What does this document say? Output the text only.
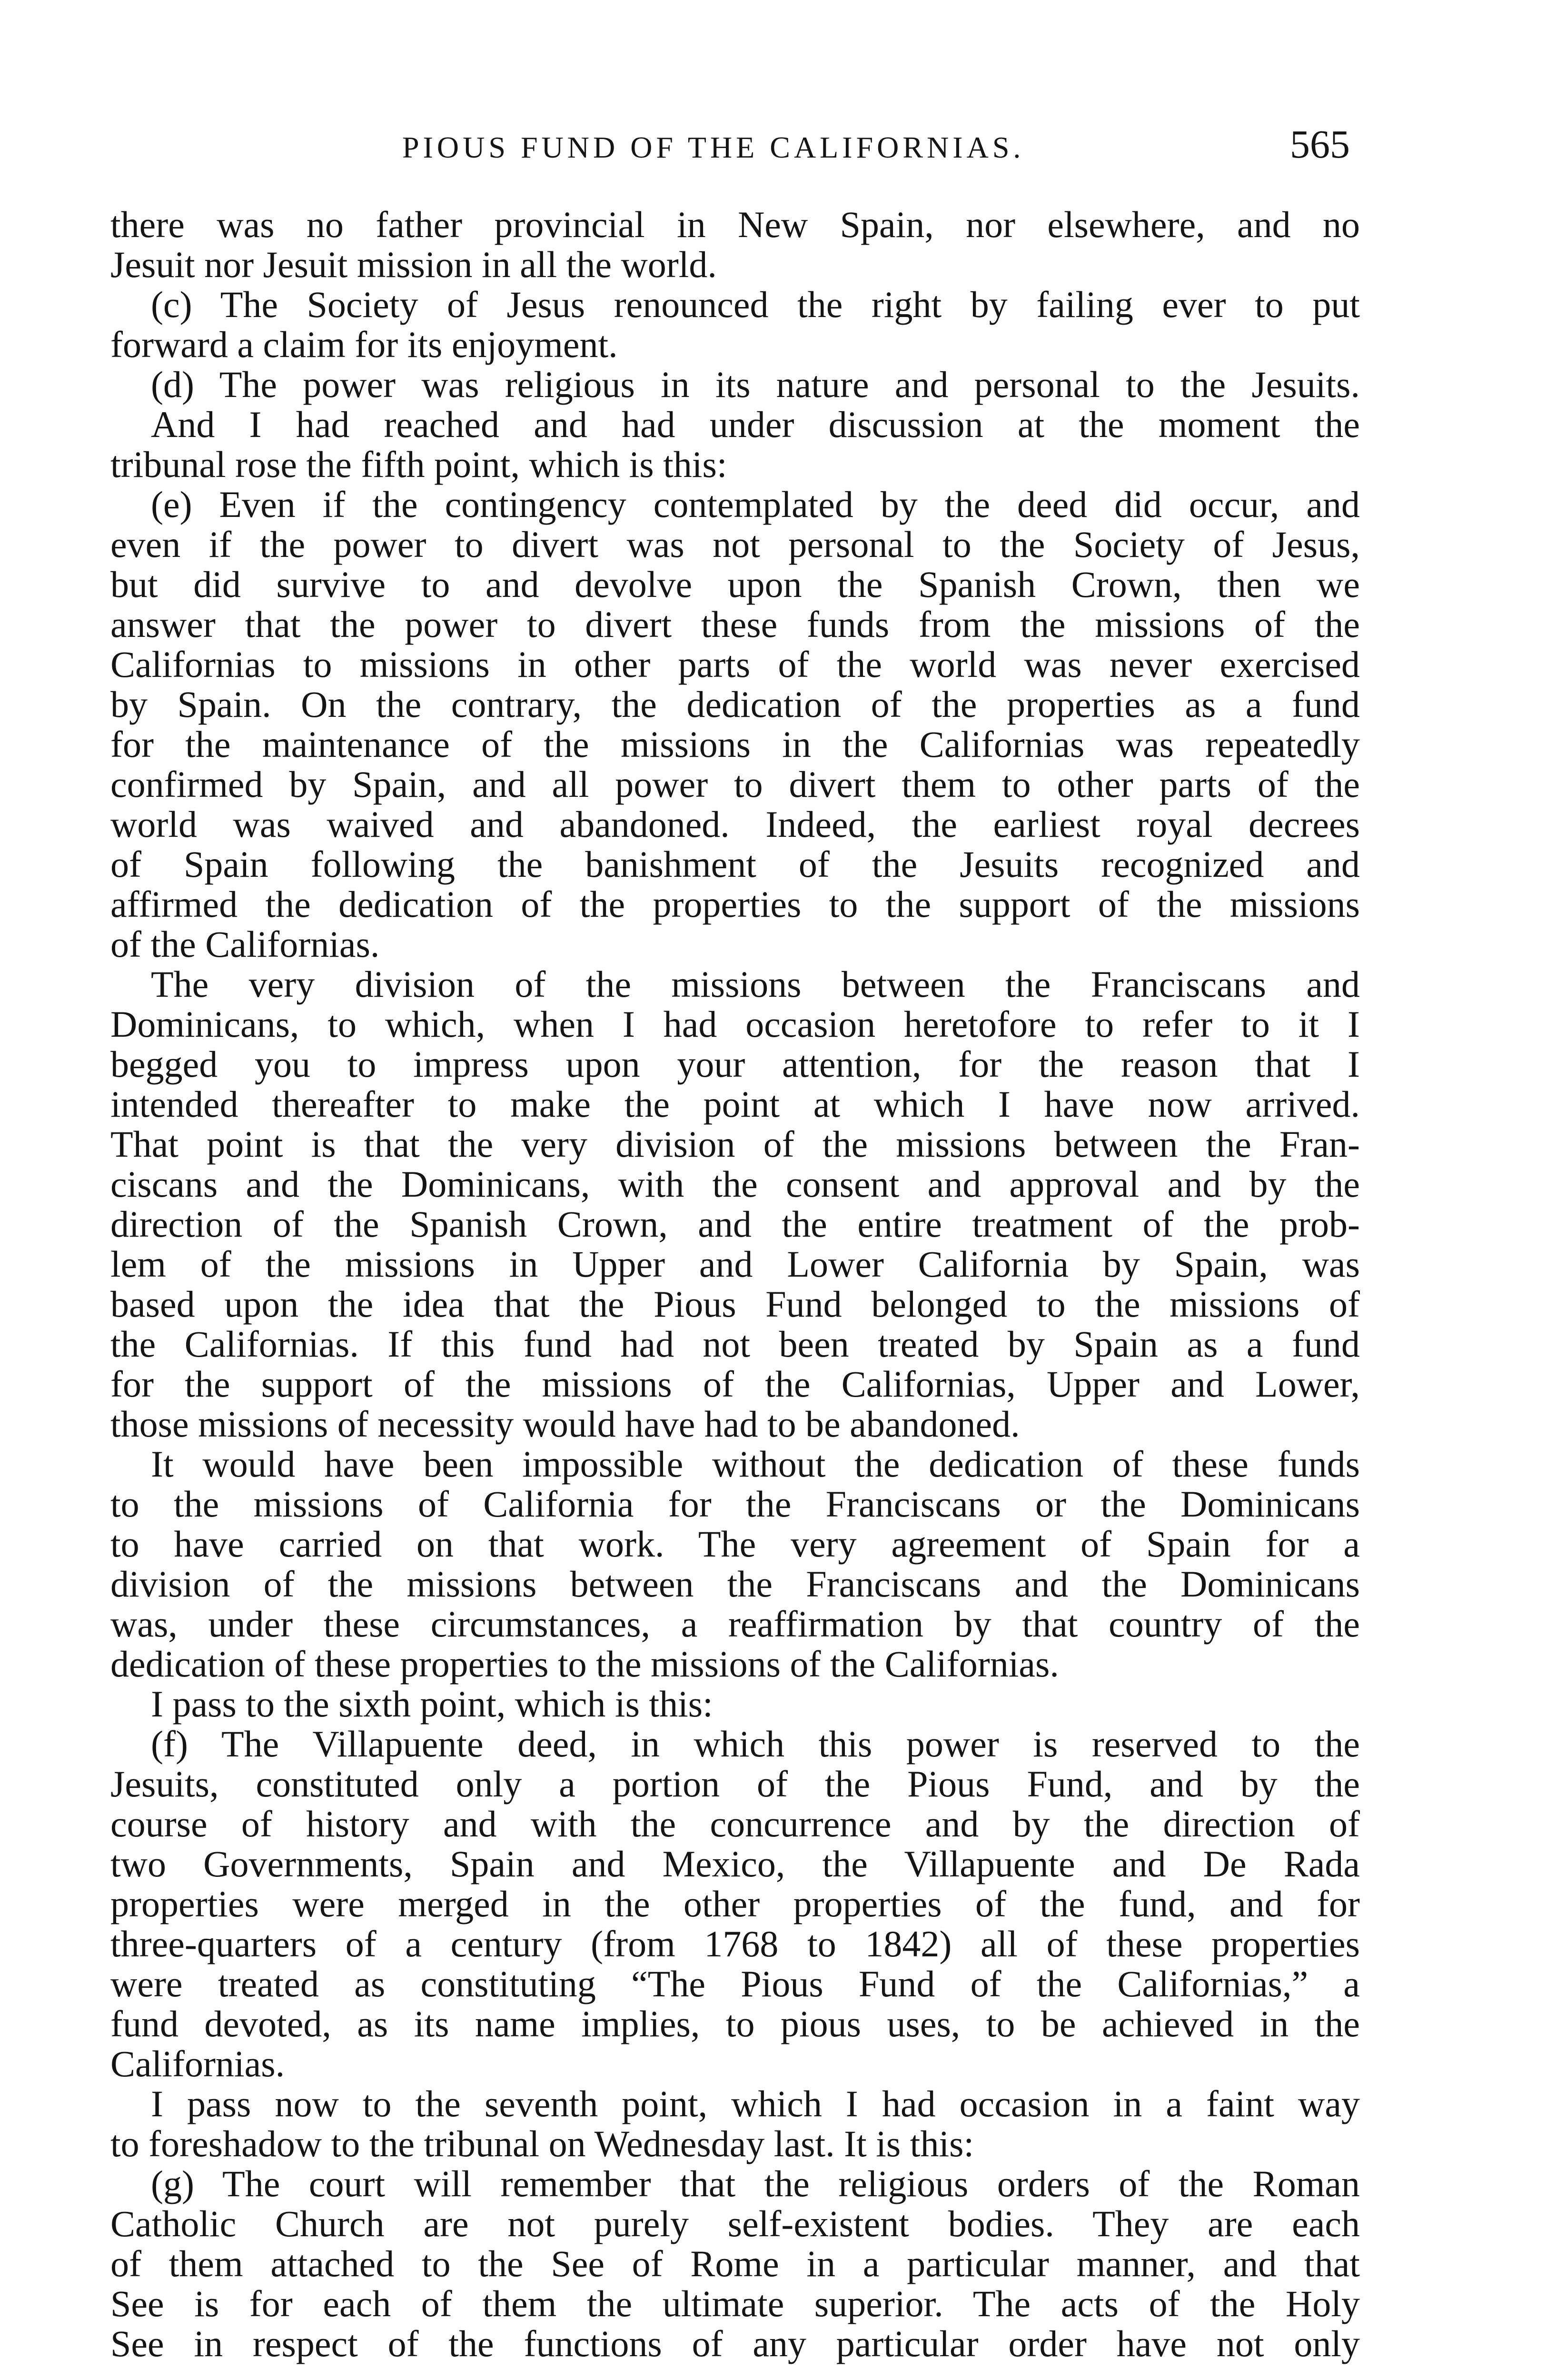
PIOUS FUND OF THE CALIFORNIAS.	565
there was no father provincial in New Spain, nor elsewhere, and no
Jesuit nor Jesuit mission in all the world.
(c) The Society of Jesus renounced the right by failing ever to put
forward a claim for its enjoyment.
(d) The power was religious in its nature and personal to the Jesuits.
And I had reached and had under discussion at the moment the
tribunal rose the fifth point, which is this:
(e) Even if the contingency contemplated by the deed did occur, and
even if the power to divert was not personal to the Society of Jesus,
but did survive to and devolve upon the Spanish Crown, then we
answer that the power to divert these funds from the missions of the
Californias to missions in other parts of the world was never exercised
by Spain. On the contrary, the dedication of the properties as a fund
for the maintenance of the missions in the Californias was repeatedly
confirmed by Spain, and all power to divert them to other parts of the
world was waived and abandoned. Indeed, the earliest royal decrees
of Spain following the banishment of the Jesuits recognized and
affirmed the dedication of the properties to the support of the missions
of the Californias.
The very division of the missions between the Franciscans and
Dominicans, to which, when I had occasion heretofore to refer to it I
begged you to impress upon your attention, for the reason that I
intended thereafter to make the point at which I have now arrived.
That point is that the very division of the missions between the Fran-
ciscans and the Dominicans, with the consent and approval and by the
direction of the Spanish Crown, and the entire treatment of the prob-
lem of the missions in Upper and Lower California by Spain, was
based upon the idea that the Pious Fund belonged to the missions of
the Californias. If this fund had not been treated by Spain as a fund
for the support of the missions of the Californias, Upper and Lower,
those missions of necessity would have had to be abandoned.
It would have been impossible without the dedication of these funds
to the missions of California for the Franciscans or the Dominicans
to have carried on that work. The very agreement of Spain for a
division of the missions between the Franciscans and the Dominicans
was, under these circumstances, a reaffirmation by that country of the
dedication of these properties to the missions of the Californias.
I pass to the sixth point, which is this:
(f) The Villapuente deed, in which this power is reserved to the
Jesuits, constituted only a portion of the Pious Fund, and by the
course of history and with the concurrence and by the direction of
two Governments, Spain and Mexico, the Villapuente and De Rada
properties were merged in the other properties of the fund, and for
three-quarters of a century (from 1768 to 1842) all of these properties
were treated as constituting “The Pious Fund of the Californias,” a
fund devoted, as its name implies, to pious uses, to be achieved in the
Californias.
I pass now to the seventh point, which I had occasion in a faint way
to foreshadow to the tribunal on Wednesday last. It is this:
(g) The court will remember that the religious orders of the Roman
Catholic Church are not purely self-existent bodies. They are each
of them attached to the See of Rome in a particular manner, and that
See is for each of them the ultimate superior. The acts of the Holy
See in respect of the functions of any particular order have not only
